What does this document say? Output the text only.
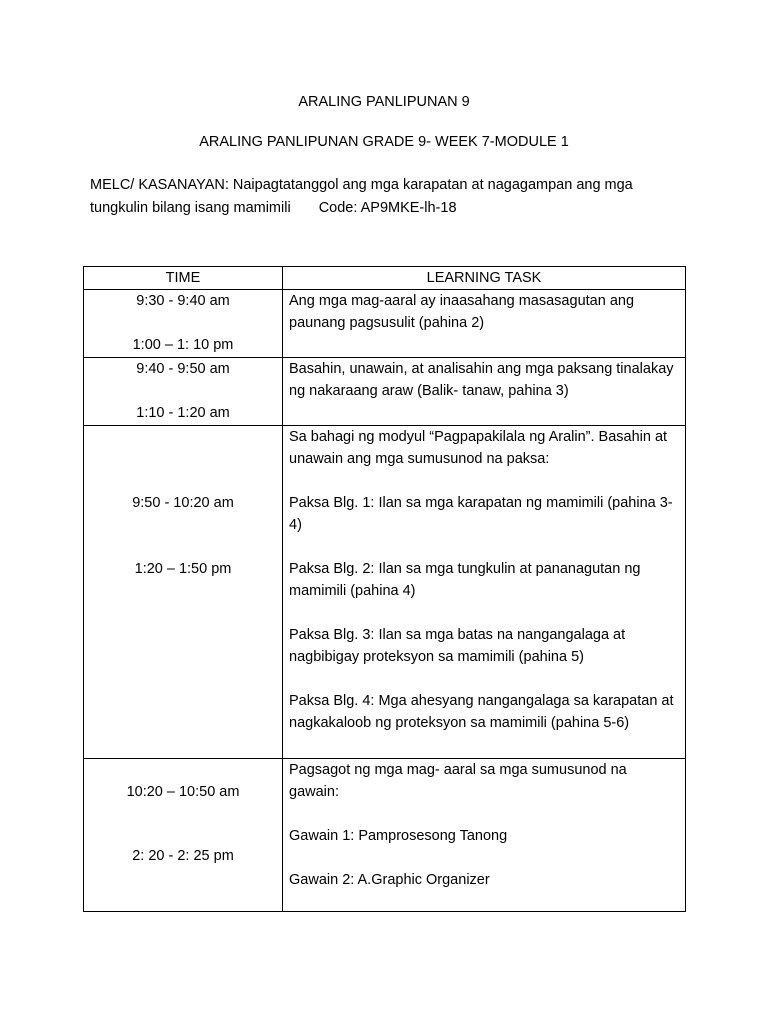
ARALING PANLIPUNAN 9
ARALING PANLIPUNAN GRADE 9- WEEK 7-MODULE 1
MELC/ KASANAYAN: Naipagtatanggol ang mga karapatan at nagagampan ang mga tungkulin bilang isang mamimili Code: AP9MKE-lh-18
TIME	LEARNING TASK

9:30 - 9:40 am
1:00 – 1: 10 pm	Ang mga mag-aaral ay inaasahang masasagutan ang paunang pagsusulit (pahina 2)

9:40 - 9:50 am
1:10 - 1:20 am	Basahin, unawain, at analisahin ang mga paksang tinalakay ng nakaraang araw (Balik- tanaw, pahina 3)

9:50 - 10:20 am
1:20 – 1:50 pm	Sa bahagi ng modyul “Pagpapakilala ng Aralin”. Basahin at unawain ang mga sumusunod na paksa:
Paksa Blg. 1: Ilan sa mga karapatan ng mamimili (pahina 3-4)
Paksa Blg. 2: Ilan sa mga tungkulin at pananagutan ng mamimili (pahina 4)
Paksa Blg. 3: Ilan sa mga batas na nangangalaga at nagbibigay proteksyon sa mamimili (pahina 5)
Paksa Blg. 4: Mga ahesyang nangangalaga sa karapatan at nagkakaloob ng proteksyon sa mamimili (pahina 5-6)

10:20 – 10:50 am
2: 20 - 2: 25 pm	Pagsagot ng mga mag- aaral sa mga sumusunod na gawain:
Gawain 1: Pamprosesong Tanong
Gawain 2: A.Graphic Organizer
